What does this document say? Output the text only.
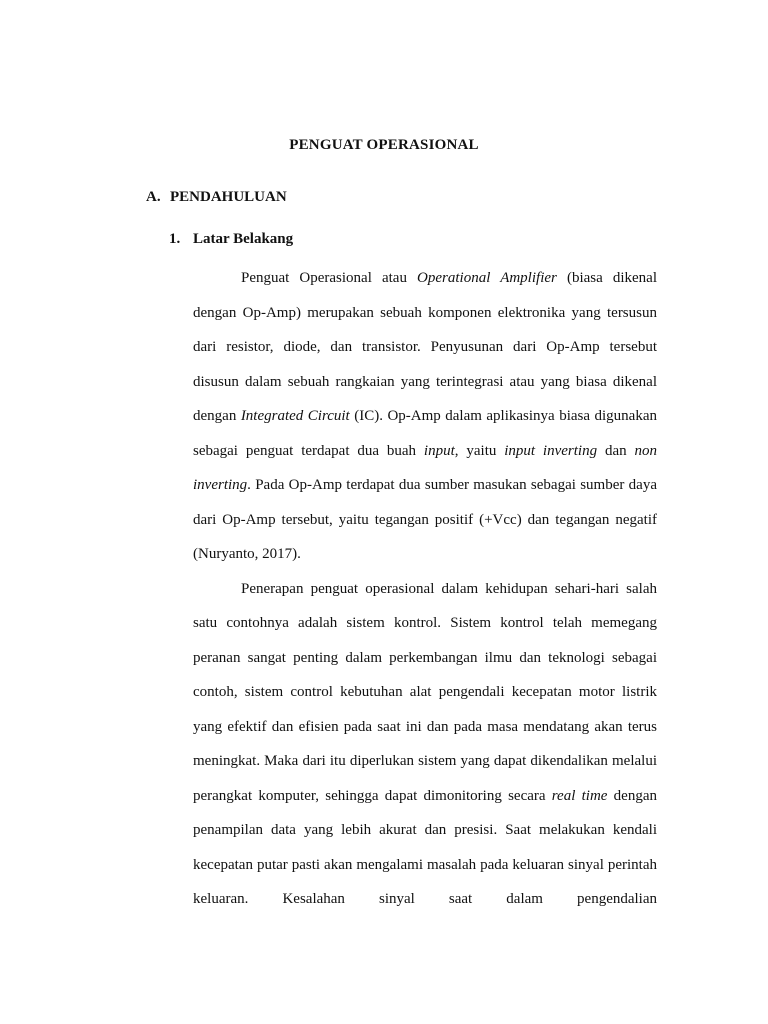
PENGUAT OPERASIONAL
A. PENDAHULUAN
1. Latar Belakang

Penguat Operasional atau Operational Amplifier (biasa dikenal dengan Op-Amp) merupakan sebuah komponen elektronika yang tersusun dari resistor, diode, dan transistor. Penyusunan dari Op-Amp tersebut disusun dalam sebuah rangkaian yang terintegrasi atau yang biasa dikenal dengan Integrated Circuit (IC). Op-Amp dalam aplikasinya biasa digunakan sebagai penguat terdapat dua buah input, yaitu input inverting dan non inverting. Pada Op-Amp terdapat dua sumber masukan sebagai sumber daya dari Op-Amp tersebut, yaitu tegangan positif (+Vcc) dan tegangan negatif (Nuryanto, 2017).

Penerapan penguat operasional dalam kehidupan sehari-hari salah satu contohnya adalah sistem kontrol. Sistem kontrol telah memegang peranan sangat penting dalam perkembangan ilmu dan teknologi sebagai contoh, sistem control kebutuhan alat pengendali kecepatan motor listrik yang efektif dan efisien pada saat ini dan pada masa mendatang akan terus meningkat. Maka dari itu diperlukan sistem yang dapat dikendalikan melalui perangkat komputer, sehingga dapat dimonitoring secara real time dengan penampilan data yang lebih akurat dan presisi. Saat melakukan kendali kecepatan putar pasti akan mengalami masalah pada keluaran sinyal perintah keluaran. Kesalahan sinyal saat dalam pengendalian
